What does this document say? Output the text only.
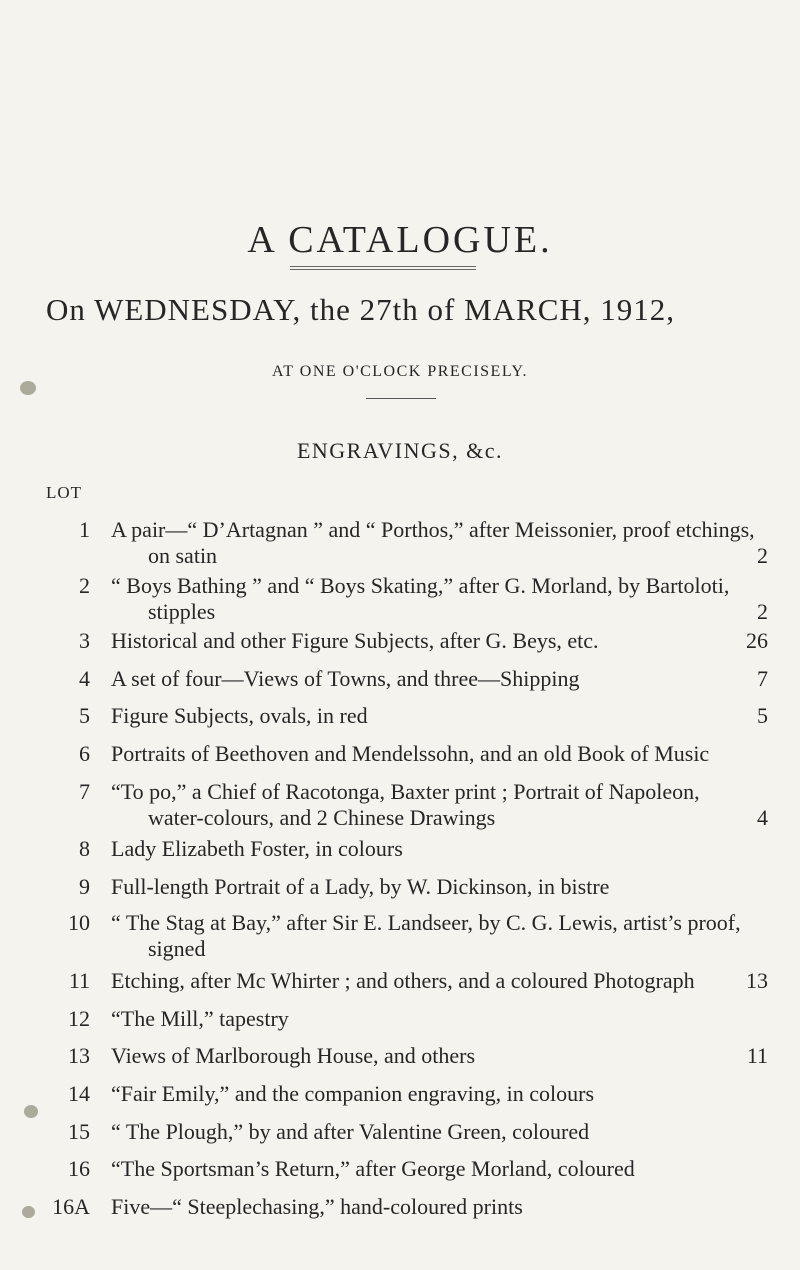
A CATALOGUE.
On WEDNESDAY, the 27th of MARCH, 1912,
AT ONE O'CLOCK PRECISELY.
ENGRAVINGS, &c.
LOT
1 A pair—“ D’Artagnan ” and “ Porthos,” after Meissonier, proof etchings,
on satin	2
2 “ Boys Bathing ” and “ Boys Skating,” after G. Morland, by Bartoloti,
stipples	2
3 Historical and other Figure Subjects, after G. Beys, etc.	26
4 A set of four—Views of Towns, and three—Shipping	7
5 Figure Subjects, ovals, in red	5
6 Portraits of Beethoven and Mendelssohn, and an old Book of Music
7 “To po,” a Chief of Racotonga, Baxter print ; Portrait of Napoleon,
water-colours, and 2 Chinese Drawings	4
8 Lady Elizabeth Foster, in colours
9 Full-length Portrait of a Lady, by W. Dickinson, in bistre
10 “ The Stag at Bay,” after Sir E. Landseer, by C. G. Lewis, artist’s proof,
signed
11 Etching, after Mc Whirter ; and others, and a coloured Photograph	13
12 “The Mill,” tapestry
13 Views of Marlborough House, and others	11
14 “Fair Emily,” and the companion engraving, in colours
15 “ The Plough,” by and after Valentine Green, coloured
16 “The Sportsman’s Return,” after George Morland, coloured
16A Five—“ Steeplechasing,” hand-coloured prints
